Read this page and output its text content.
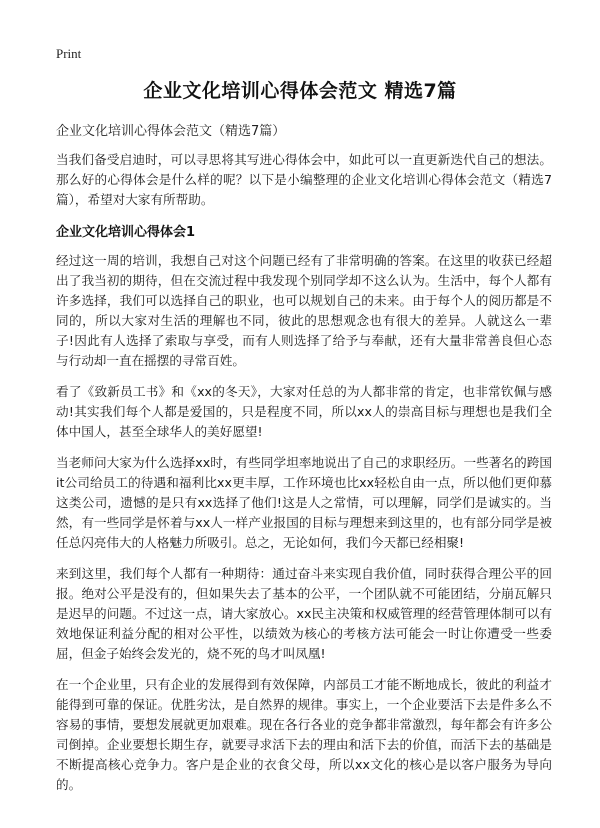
Print
企业文化培训心得体会范文 精选7篇

企业文化培训心得体会范文（精选7篇）

当我们备受启迪时，可以寻思将其写进心得体会中，如此可以一直更新迭代自己的想法。那么好的心得体会是什么样的呢？以下是小编整理的企业文化培训心得体会范文（精选7篇），希望对大家有所帮助。

企业文化培训心得体会1

经过这一周的培训，我想自己对这个问题已经有了非常明确的答案。在这里的收获已经超出了我当初的期待，但在交流过程中我发现个别同学却不这么认为。生活中，每个人都有许多选择，我们可以选择自己的职业，也可以规划自己的未来。由于每个人的阅历都是不同的，所以大家对生活的理解也不同，彼此的思想观念也有很大的差异。人就这么一辈子!因此有人选择了索取与享受，而有人则选择了给予与奉献，还有大量非常善良但心态与行动却一直在摇摆的寻常百姓。

看了《致新员工书》和《xx的冬天》，大家对任总的为人都非常的肯定，也非常钦佩与感动!其实我们每个人都是爱国的，只是程度不同，所以xx人的崇高目标与理想也是我们全体中国人，甚至全球华人的美好愿望!

当老师问大家为什么选择xx时，有些同学坦率地说出了自己的求职经历。一些著名的跨国it公司给员工的待遇和福利比xx更丰厚，工作环境也比xx轻松自由一点，所以他们更仰慕这类公司，遗憾的是只有xx选择了他们!这是人之常情，可以理解，同学们是诚实的。当然，有一些同学是怀着与xx人一样产业报国的目标与理想来到这里的，也有部分同学是被任总闪亮伟大的人格魅力所吸引。总之，无论如何，我们今天都已经相聚!

来到这里，我们每个人都有一种期待：通过奋斗来实现自我价值，同时获得合理公平的回报。绝对公平是没有的，但如果失去了基本的公平，一个团队就不可能团结，分崩瓦解只是迟早的问题。不过这一点，请大家放心。xx民主决策和权威管理的经营管理体制可以有效地保证利益分配的相对公平性，以绩效为核心的考核方法可能会一时让你遭受一些委屈，但金子始终会发光的，烧不死的鸟才叫凤凰!

在一个企业里，只有企业的发展得到有效保障，内部员工才能不断地成长，彼此的利益才能得到可靠的保证。优胜劣汰，是自然界的规律。事实上，一个企业要活下去是件多么不容易的事情，要想发展就更加艰难。现在各行各业的竞争都非常激烈，每年都会有许多公司倒掉。企业要想长期生存，就要寻求活下去的理由和活下去的价值，而活下去的基础是不断提高核心竞争力。客户是企业的衣食父母，所以xx文化的核心是以客户服务为导向的。
